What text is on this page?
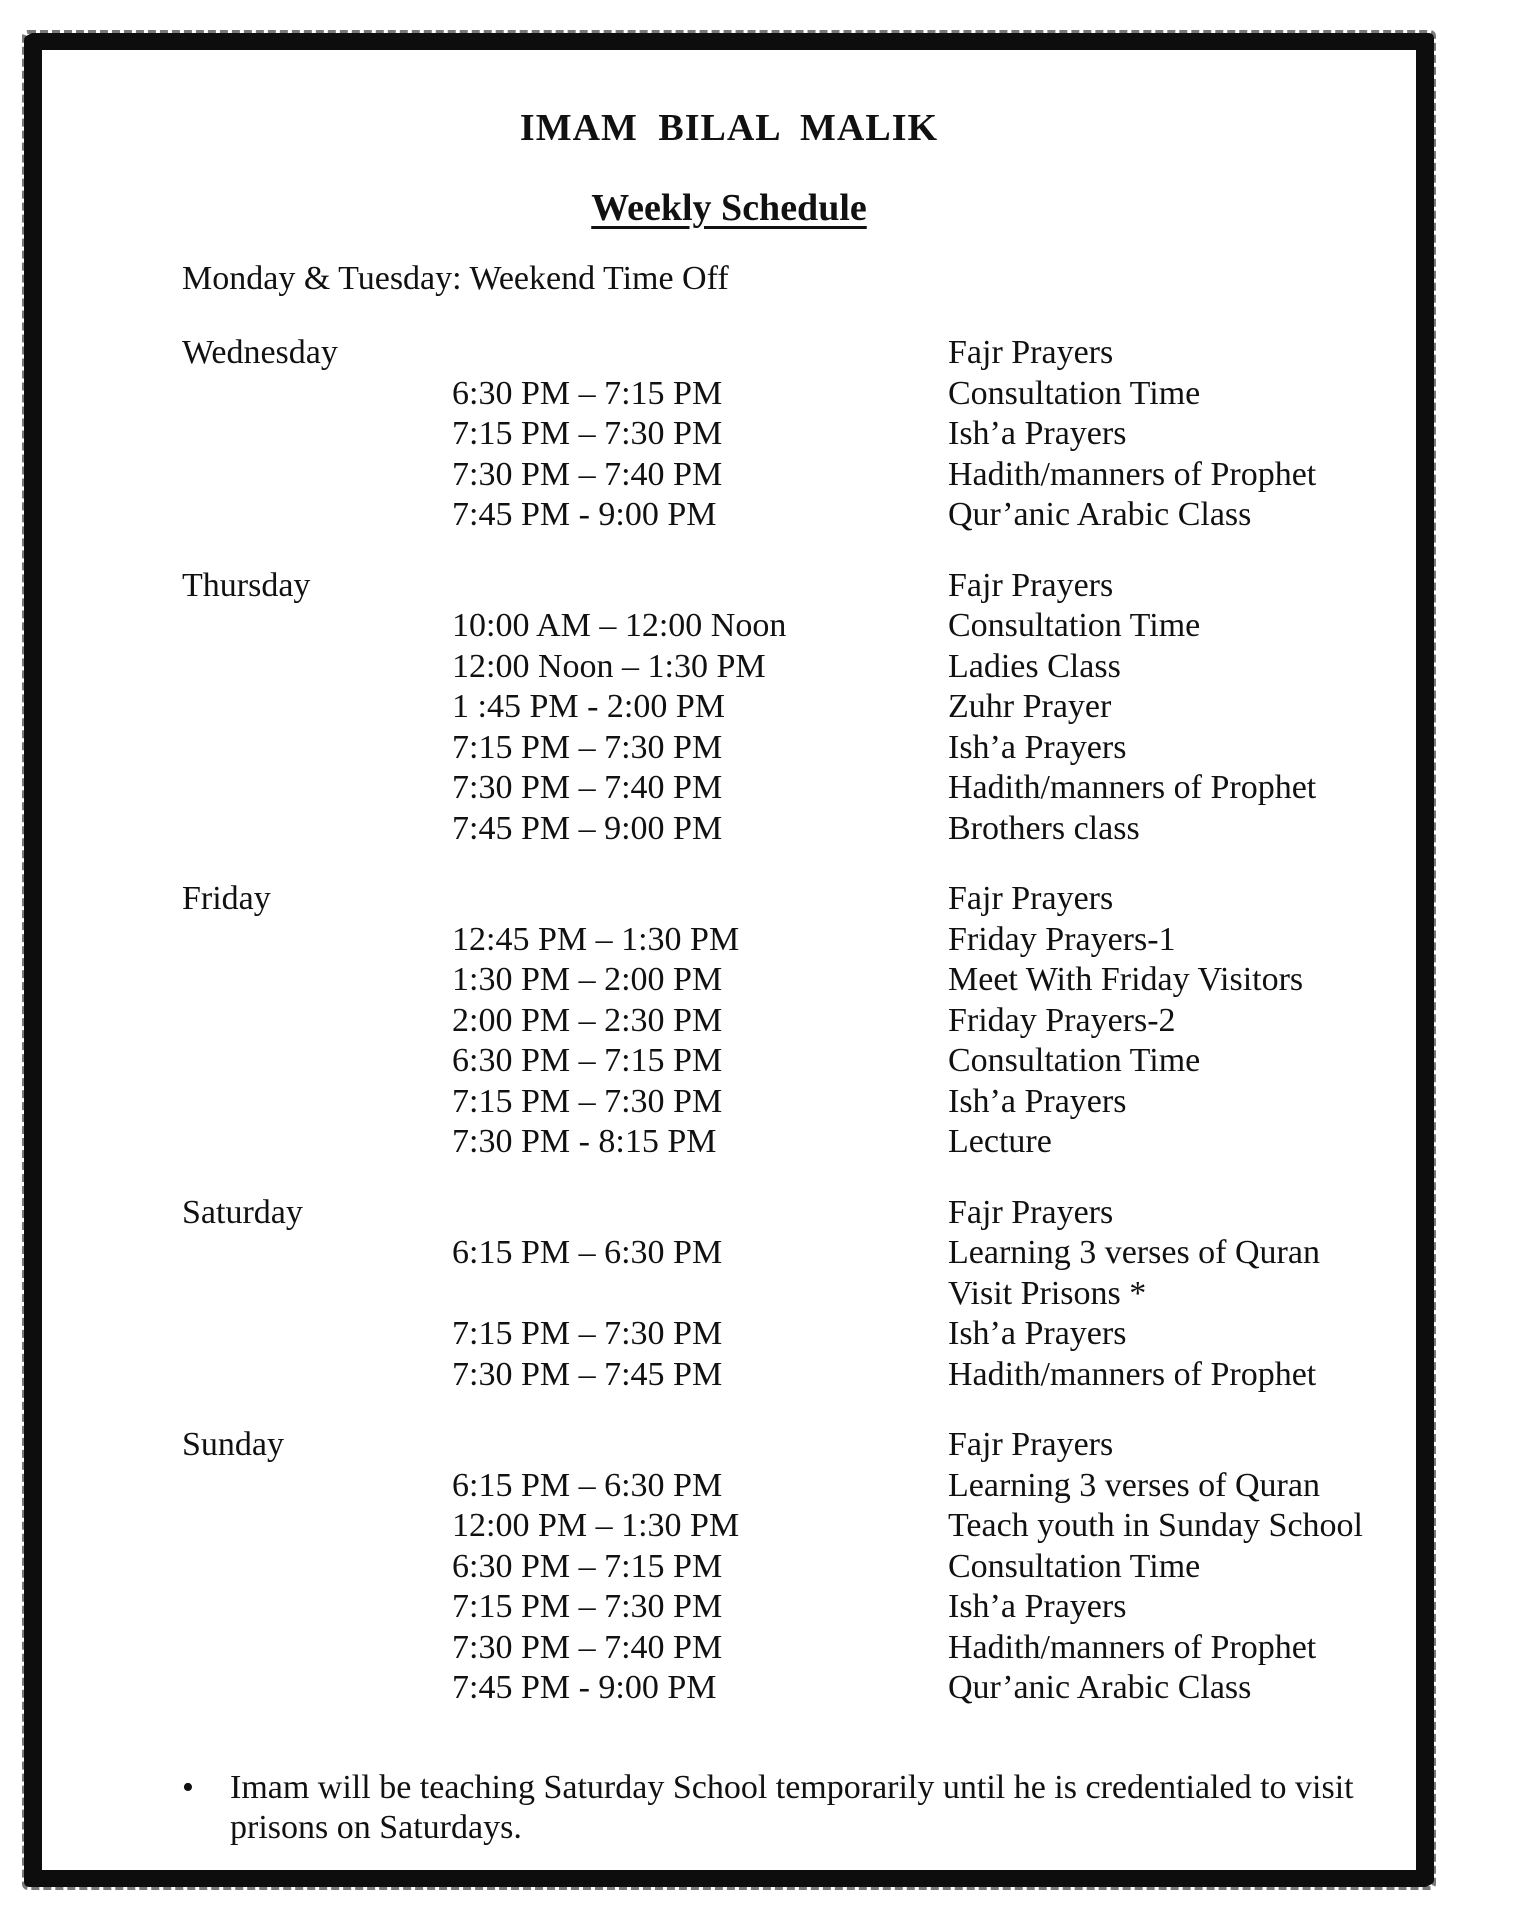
IMAM BILAL MALIK
Weekly Schedule
Monday & Tuesday: Weekend Time Off
Wednesday	Fajr Prayers
6:30 PM – 7:15 PM	Consultation Time
7:15 PM – 7:30 PM	Ish’a Prayers
7:30 PM – 7:40 PM	Hadith/manners of Prophet
7:45 PM - 9:00 PM	Qur’anic Arabic Class
Thursday	Fajr Prayers
10:00 AM – 12:00 Noon	Consultation Time
12:00 Noon – 1:30 PM	Ladies Class
1 :45 PM - 2:00 PM	Zuhr Prayer
7:15 PM – 7:30 PM	Ish’a Prayers
7:30 PM – 7:40 PM	Hadith/manners of Prophet
7:45 PM – 9:00 PM	Brothers class
Friday	Fajr Prayers
12:45 PM – 1:30 PM	Friday Prayers-1
1:30 PM – 2:00 PM	Meet With Friday Visitors
2:00 PM – 2:30 PM	Friday Prayers-2
6:30 PM – 7:15 PM	Consultation Time
7:15 PM – 7:30 PM	Ish’a Prayers
7:30 PM - 8:15 PM	Lecture
Saturday	Fajr Prayers
6:15 PM – 6:30 PM	Learning 3 verses of Quran
Visit Prisons *
7:15 PM – 7:30 PM	Ish’a Prayers
7:30 PM – 7:45 PM	Hadith/manners of Prophet
Sunday	Fajr Prayers
6:15 PM – 6:30 PM	Learning 3 verses of Quran
12:00 PM – 1:30 PM	Teach youth in Sunday School
6:30 PM – 7:15 PM	Consultation Time
7:15 PM – 7:30 PM	Ish’a Prayers
7:30 PM – 7:40 PM	Hadith/manners of Prophet
7:45 PM - 9:00 PM	Qur’anic Arabic Class
• Imam will be teaching Saturday School temporarily until he is credentialed to visit prisons on Saturdays.
